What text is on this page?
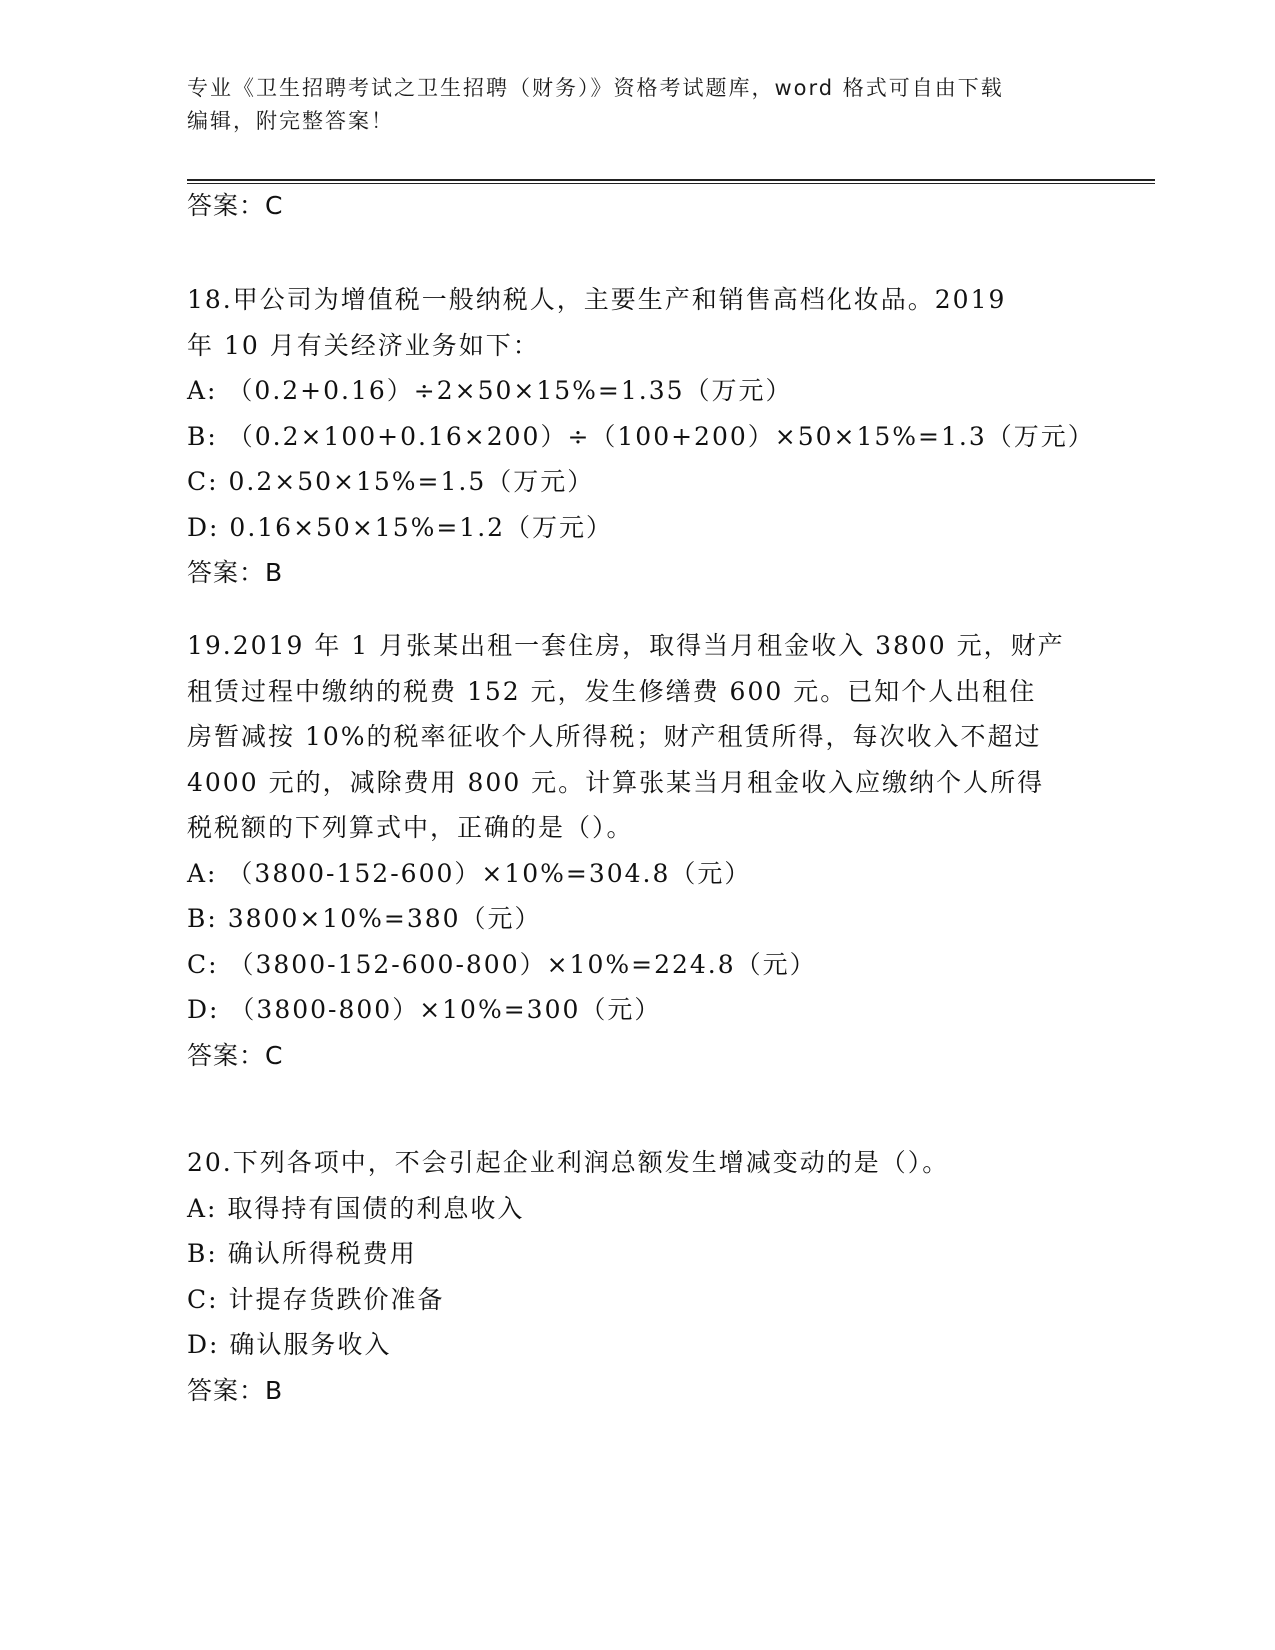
专业《卫生招聘考试之卫生招聘（财务）》资格考试题库，word 格式可自由下载
编辑，附完整答案！
答案：C
18.甲公司为增值税一般纳税人，主要生产和销售高档化妆品。2019
年 10 月有关经济业务如下：
A: （0.2+0.16）÷2×50×15%=1.35（万元）
B: （0.2×100+0.16×200）÷（100+200）×50×15%=1.3（万元）
C: 0.2×50×15%=1.5（万元）
D: 0.16×50×15%=1.2（万元）
答案：B
19.2019 年 1 月张某出租一套住房，取得当月租金收入 3800 元，财产
租赁过程中缴纳的税费 152 元，发生修缮费 600 元。已知个人出租住
房暂减按 10%的税率征收个人所得税；财产租赁所得，每次收入不超过
4000 元的，减除费用 800 元。计算张某当月租金收入应缴纳个人所得
税税额的下列算式中，正确的是（）。
A: （3800-152-600）×10%=304.8（元）
B: 3800×10%=380（元）
C: （3800-152-600-800）×10%=224.8（元）
D: （3800-800）×10%=300（元）
答案：C
20.下列各项中，不会引起企业利润总额发生增减变动的是（）。
A: 取得持有国债的利息收入
B: 确认所得税费用
C: 计提存货跌价准备
D: 确认服务收入
答案：B
